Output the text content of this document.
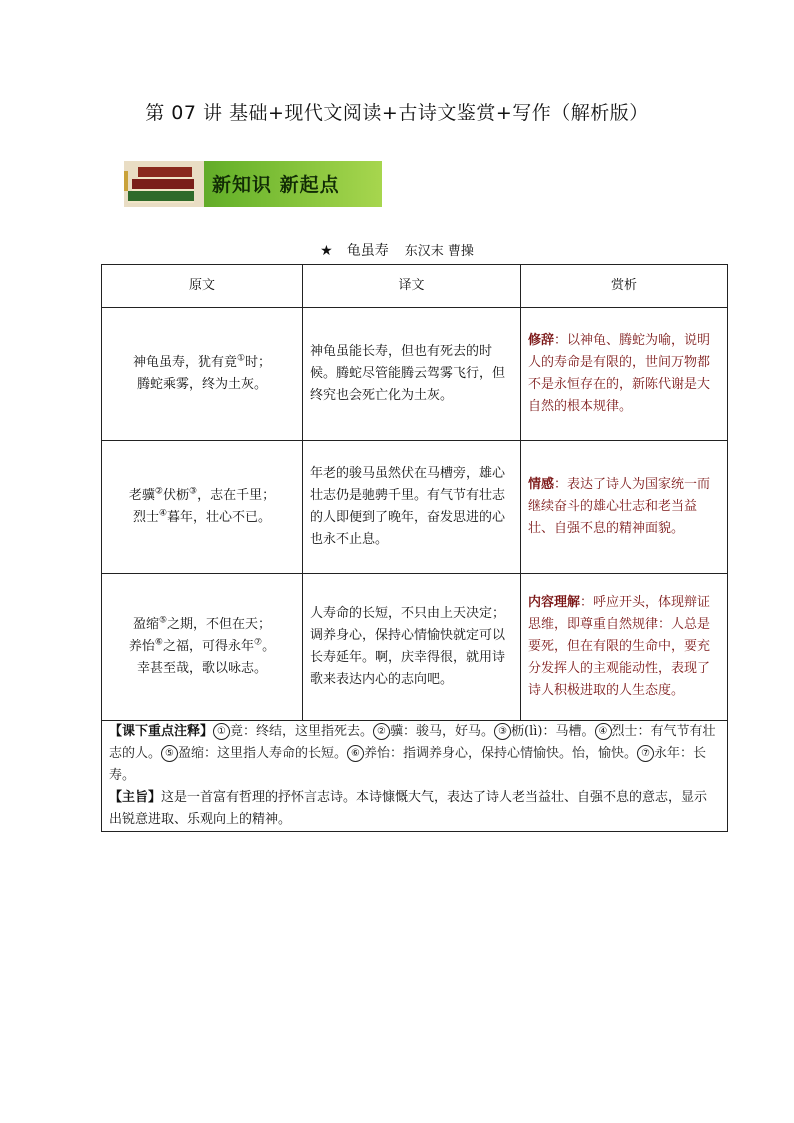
第 07 讲 基础+现代文阅读+古诗文鉴赏+写作（解析版）
新知识 新起点
★ 龟虽寿 东汉末 曹操
原文	译文	赏析

神龟虽寿，犹有竟①时；
腾蛇乘雾，终为土灰。	神龟虽能长寿，但也有死去的时候。腾蛇尽管能腾云驾雾飞行，但终究也会死亡化为土灰。	修辞：以神龟、腾蛇为喻，说明人的寿命是有限的，世间万物都不是永恒存在的，新陈代谢是大自然的根本规律。

老骥②伏枥③，志在千里；
烈士④暮年，壮心不已。	年老的骏马虽然伏在马槽旁，雄心壮志仍是驰骋千里。有气节有壮志的人即便到了晚年，奋发思进的心也永不止息。	情感：表达了诗人为国家统一而继续奋斗的雄心壮志和老当益壮、自强不息的精神面貌。

盈缩⑤之期，不但在天；
养怡⑥之福，可得永年⑦。
幸甚至哉，歌以咏志。	人寿命的长短，不只由上天决定；调养身心，保持心情愉快就定可以长寿延年。啊，庆幸得很，就用诗歌来表达内心的志向吧。	内容理解：呼应开头，体现辩证思维，即尊重自然规律：人总是要死，但在有限的生命中，要充分发挥人的主观能动性，表现了诗人积极进取的人生态度。

【课下重点注释】 ① 竟：终结，这里指死去。 ② 骥：骏马，好马。 ③ 枥(lì)：马槽。 ④ 烈士：有气节有壮志的人。 ⑤ 盈缩：这里指人寿命的长短。 ⑥ 养怡：指调养身心，保持心情愉快。怡，愉快。 ⑦ 永年：长寿。
【主旨】这是一首富有哲理的抒怀言志诗。本诗慷慨大气，表达了诗人老当益壮、自强不息的意志，显示出锐意进取、乐观向上的精神。		
